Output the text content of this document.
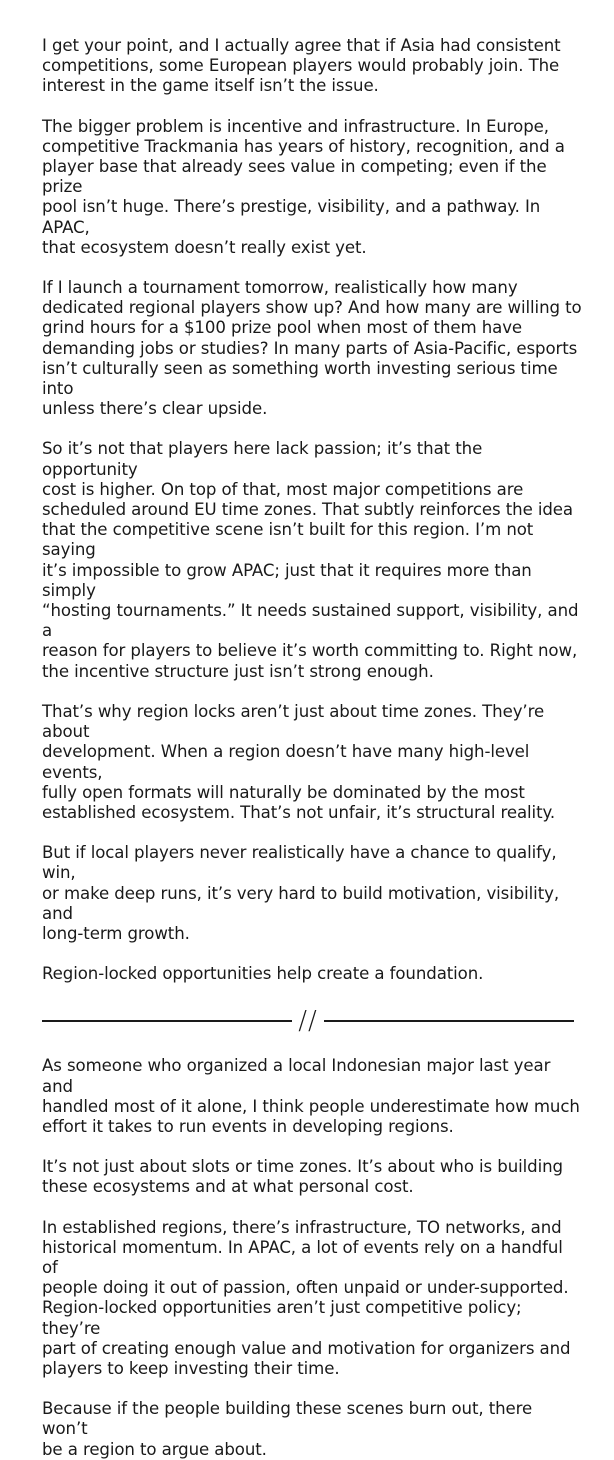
I get your point, and I actually agree that if Asia had consistent
competitions, some European players would probably join. The
interest in the game itself isn’t the issue.

The bigger problem is incentive and infrastructure. In Europe,
competitive Trackmania has years of history, recognition, and a
player base that already sees value in competing; even if the prize
pool isn’t huge. There’s prestige, visibility, and a pathway. In APAC,
that ecosystem doesn’t really exist yet.

If I launch a tournament tomorrow, realistically how many
dedicated regional players show up? And how many are willing to
grind hours for a $100 prize pool when most of them have
demanding jobs or studies? In many parts of Asia-Pacific, esports
isn’t culturally seen as something worth investing serious time into
unless there’s clear upside.

So it’s not that players here lack passion; it’s that the opportunity
cost is higher. On top of that, most major competitions are
scheduled around EU time zones. That subtly reinforces the idea
that the competitive scene isn’t built for this region. I’m not saying
it’s impossible to grow APAC; just that it requires more than simply
“hosting tournaments.” It needs sustained support, visibility, and a
reason for players to believe it’s worth committing to. Right now,
the incentive structure just isn’t strong enough.

That’s why region locks aren’t just about time zones. They’re about
development. When a region doesn’t have many high-level events,
fully open formats will naturally be dominated by the most
established ecosystem. That’s not unfair, it’s structural reality.

But if local players never realistically have a chance to qualify, win,
or make deep runs, it’s very hard to build motivation, visibility, and
long-term growth.

Region-locked opportunities help create a foundation.

//

As someone who organized a local Indonesian major last year and
handled most of it alone, I think people underestimate how much
effort it takes to run events in developing regions.

It’s not just about slots or time zones. It’s about who is building
these ecosystems and at what personal cost.

In established regions, there’s infrastructure, TO networks, and
historical momentum. In APAC, a lot of events rely on a handful of
people doing it out of passion, often unpaid or under-supported.
Region-locked opportunities aren’t just competitive policy; they’re
part of creating enough value and motivation for organizers and
players to keep investing their time.

Because if the people building these scenes burn out, there won’t
be a region to argue about.
